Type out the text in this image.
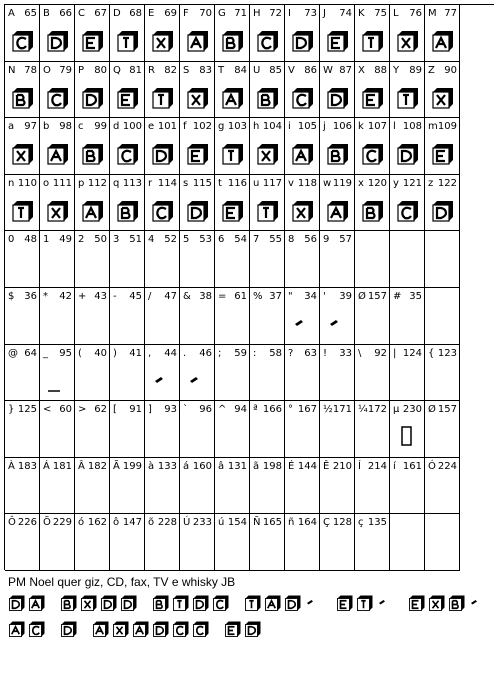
A 65 B 66 C 67 D 68 E 69 F 70 G 71 H 72 I 73 J 74 K 75 L 76 M 77
N 78 O 79 P 80 Q 81 R 82 S 83 T 84 U 85 V 86 W 87 X 88 Y 89 Z 90
a 97 b 98 c 99 d 100 e 101 f 102 g 103 h 104 i 105 j 106 k 107 l 108 m 109
n 110 o 111 p 112 q 113 r 114 s 115 t 116 u 117 v 118 w 119 x 120 y 121 z 122
0 48 1 49 2 50 3 51 4 52 5 53 6 54 7 55 8 56 9 57
$ 36 * 42 + 43 - 45 / 47 & 38 = 61 % 37 " 34 ' 39 Ø 157 # 35
@ 64 _ 95 ( 40 ) 41 , 44 . 46 ; 59 : 58 ? 63 ! 33 \ 92 | 124 { 123
} 125 < 60 > 62 [ 91 ] 93 ` 96 ^ 94 ª 166 ° 167 ½ 171 ¼ 172 µ 230 Ø 157
À 183 Á 181 Â 182 Ã 199 à 133 á 160 â 131 ã 198 É 144 Ê 210 Í 214 í 161 Ó 224
Ô 226 Õ 229 ó 162 ô 147 õ 228 Ú 233 ú 154 Ñ 165 ñ 164 Ç 128 ç 135
PM Noel quer giz, CD, fax, TV e whisky JB
